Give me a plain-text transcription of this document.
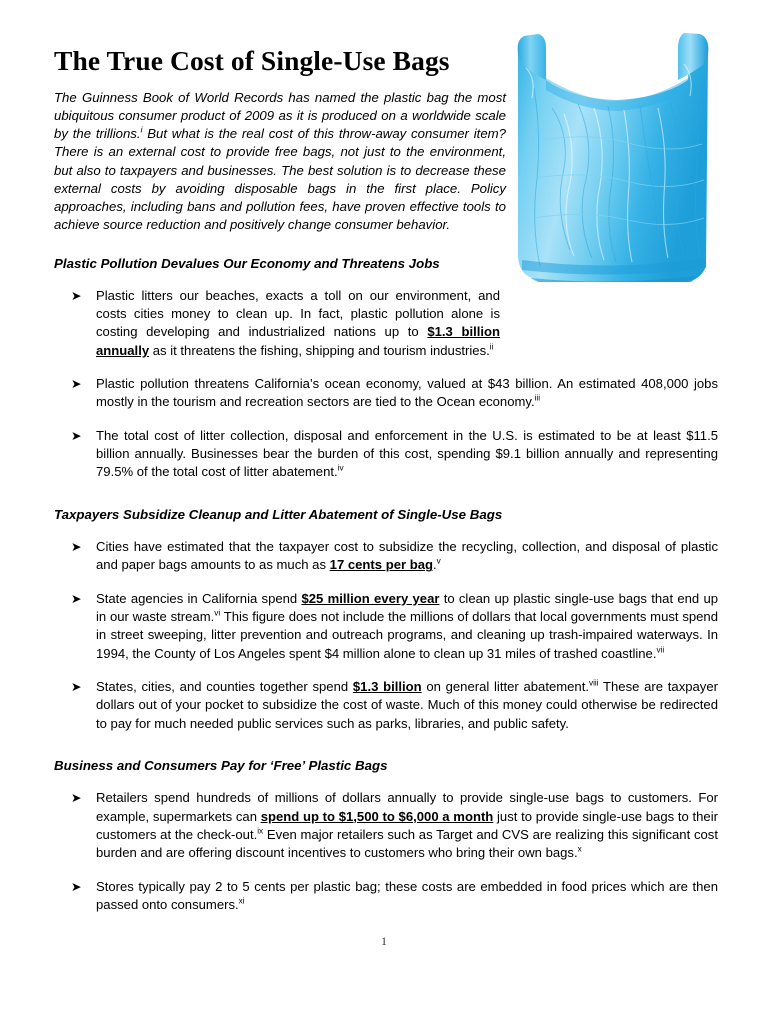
The True Cost of Single-Use Bags

The Guinness Book of World Records has named the plastic bag the most ubiquitous consumer product of 2009 as it is produced on a worldwide scale by the trillions.$^i$ But what is the real cost of this throw-away consumer item? There is an external cost to provide free bags, not just to the environment, but also to taxpayers and businesses. The best solution is to decrease these external costs by avoiding disposable bags in the first place. Policy approaches, including bans and pollution fees, have proven effective tools to achieve source reduction and positively change consumer behavior.

Plastic Pollution Devalues Our Economy and Threatens Jobs
➤ Plastic litters our beaches, exacts a toll on our environment, and costs cities money to clean up. In fact, plastic pollution alone is costing developing and industrialized nations up to $1.3 billion annually as it threatens the fishing, shipping and tourism industries.$^{ii}$

➤ Plastic pollution threatens California’s ocean economy, valued at $43 billion. An estimated 408,000 jobs mostly in the tourism and recreation sectors are tied to the Ocean economy.$^{iii}$

➤ The total cost of litter collection, disposal and enforcement in the U.S. is estimated to be at least $11.5 billion annually. Businesses bear the burden of this cost, spending $9.1 billion annually and representing 79.5% of the total cost of litter abatement.$^{iv}$

Taxpayers Subsidize Cleanup and Litter Abatement of Single-Use Bags
➤ Cities have estimated that the taxpayer cost to subsidize the recycling, collection, and disposal of plastic and paper bags amounts to as much as 17 cents per bag.$^v$

➤ State agencies in California spend $25 million every year to clean up plastic single-use bags that end up in our waste stream.$^{vi}$ This figure does not include the millions of dollars that local governments must spend in street sweeping, litter prevention and outreach programs, and cleaning up trash-impaired waterways. In 1994, the County of Los Angeles spent $4 million alone to clean up 31 miles of trashed coastline.$^{vii}$

➤ States, cities, and counties together spend $1.3 billion on general litter abatement.$^{viii}$ These are taxpayer dollars out of your pocket to subsidize the cost of waste. Much of this money could otherwise be redirected to pay for much needed public services such as parks, libraries, and public safety.

Business and Consumers Pay for ‘Free’ Plastic Bags
➤ Retailers spend hundreds of millions of dollars annually to provide single-use bags to customers. For example, supermarkets can spend up to $1,500 to $6,000 a month just to provide single-use bags to their customers at the check-out.$^{ix}$ Even major retailers such as Target and CVS are realizing this significant cost burden and are offering discount incentives to customers who bring their own bags.$^x$

➤ Stores typically pay 2 to 5 cents per plastic bag; these costs are embedded in food prices which are then passed onto consumers.$^{xi}$

1
